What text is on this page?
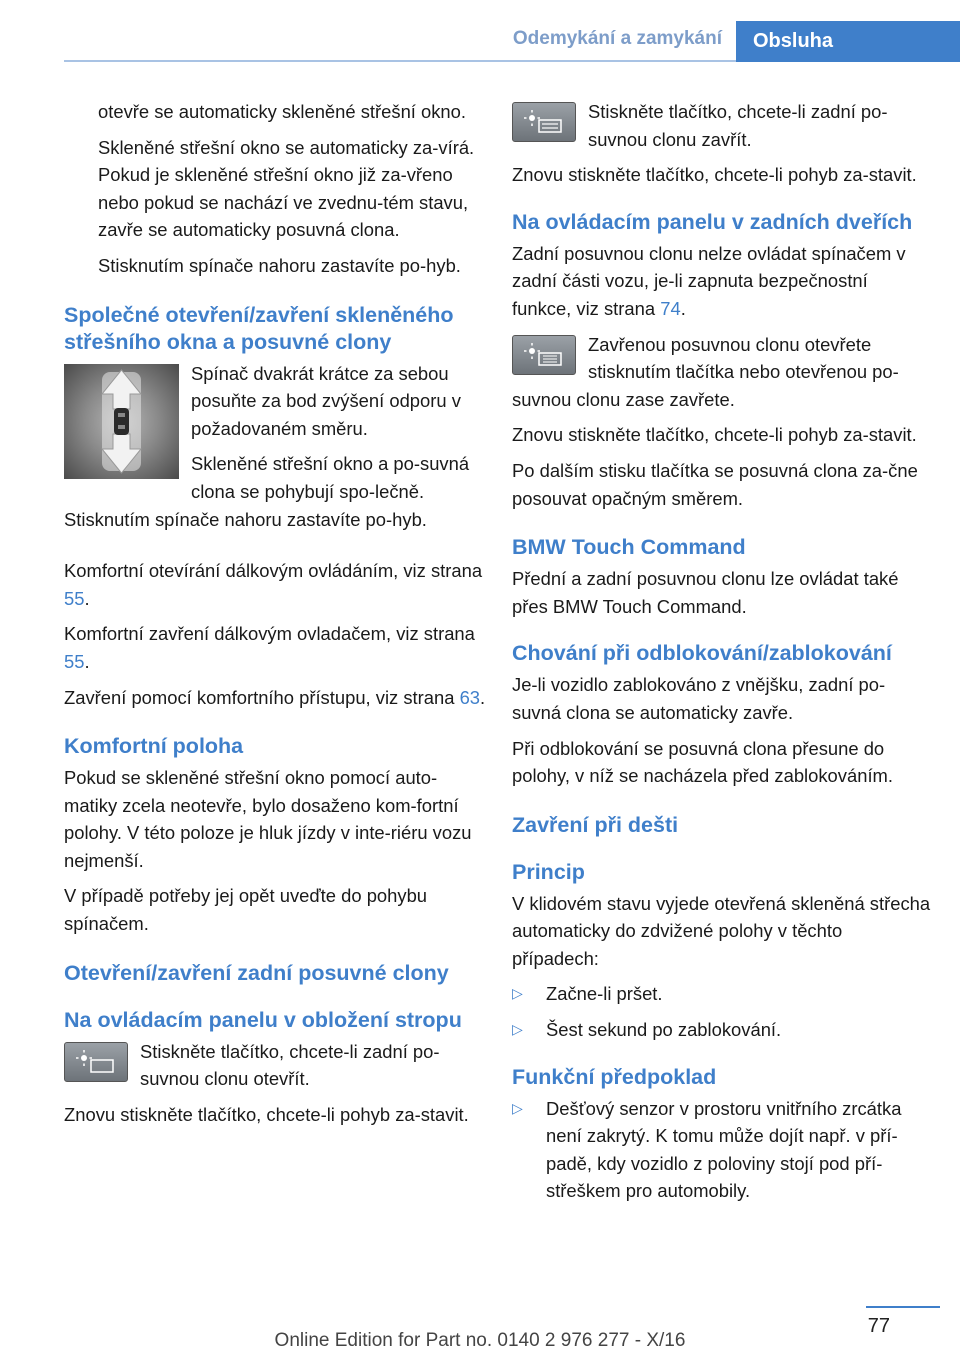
Odemykání a zamykání	Obsluha

otevře se automaticky skleněné střešní okno.

Skleněné střešní okno se automaticky za‐vírá. Pokud je skleněné střešní okno již za‐vřeno nebo pokud se nachází ve zvednu‐tém stavu, zavře se automaticky posuvná clona.

Stisknutím spínače nahoru zastavíte po‐hyb.

Společné otevření/zavření skleněného střešního okna a posuvné clony

Spínač dvakrát krátce za sebou posuňte za bod zvýšení odporu v požadovaném směru.

Skleněné střešní okno a po‐suvná clona se pohybují spo‐lečně. Stisknutím spínače nahoru zastavíte po‐hyb.

Komfortní otevírání dálkovým ovládáním, viz strana 55.

Komfortní zavření dálkovým ovladačem, viz strana 55.

Zavření pomocí komfortního přístupu, viz strana 63.

Komfortní poloha

Pokud se skleněné střešní okno pomocí auto‐matiky zcela neotevře, bylo dosaženo kom‐fortní polohy. V této poloze je hluk jízdy v inte‐riéru vozu nejmenší.

V případě potřeby jej opět uveďte do pohybu spínačem.

Otevření/zavření zadní posuvné clony
Na ovládacím panelu v obložení stropu

Stiskněte tlačítko, chcete-li zadní po‐suvnou clonu otevřít.

Znovu stiskněte tlačítko, chcete-li pohyb za‐stavit.

Stiskněte tlačítko, chcete-li zadní po‐suvnou clonu zavřít.

Znovu stiskněte tlačítko, chcete-li pohyb za‐stavit.

Na ovládacím panelu v zadních dveřích

Zadní posuvnou clonu nelze ovládat spínačem v zadní části vozu, je-li zapnuta bezpečnostní funkce, viz strana 74.

Zavřenou posuvnou clonu otevřete stisknutím tlačítka nebo otevřenou po‐suvnou clonu zase zavřete.

Znovu stiskněte tlačítko, chcete-li pohyb za‐stavit.

Po dalším stisku tlačítka se posuvná clona za‐čne posouvat opačným směrem.

BMW Touch Command

Přední a zadní posuvnou clonu lze ovládat také přes BMW Touch Command.

Chování při odblokování/zablokování

Je-li vozidlo zablokováno z vnějšku, zadní po‐suvná clona se automaticky zavře.

Při odblokování se posuvná clona přesune do polohy, v níž se nacházela před zablokováním.

Zavření při dešti
Princip

V klidovém stavu vyjede otevřená skleněná střecha automaticky do zdvižené polohy v těchto případech:

▷	Začne-li pršet.
▷	Šest sekund po zablokování.
Funkční předpoklad
▷	Dešťový senzor v prostoru vnitřního zrcátka není zakrytý. K tomu může dojít např. v pří‐padě, kdy vozidlo z poloviny stojí pod pří‐střeškem pro automobily.
77
Online Edition for Part no. 0140 2 976 277 - X/16
